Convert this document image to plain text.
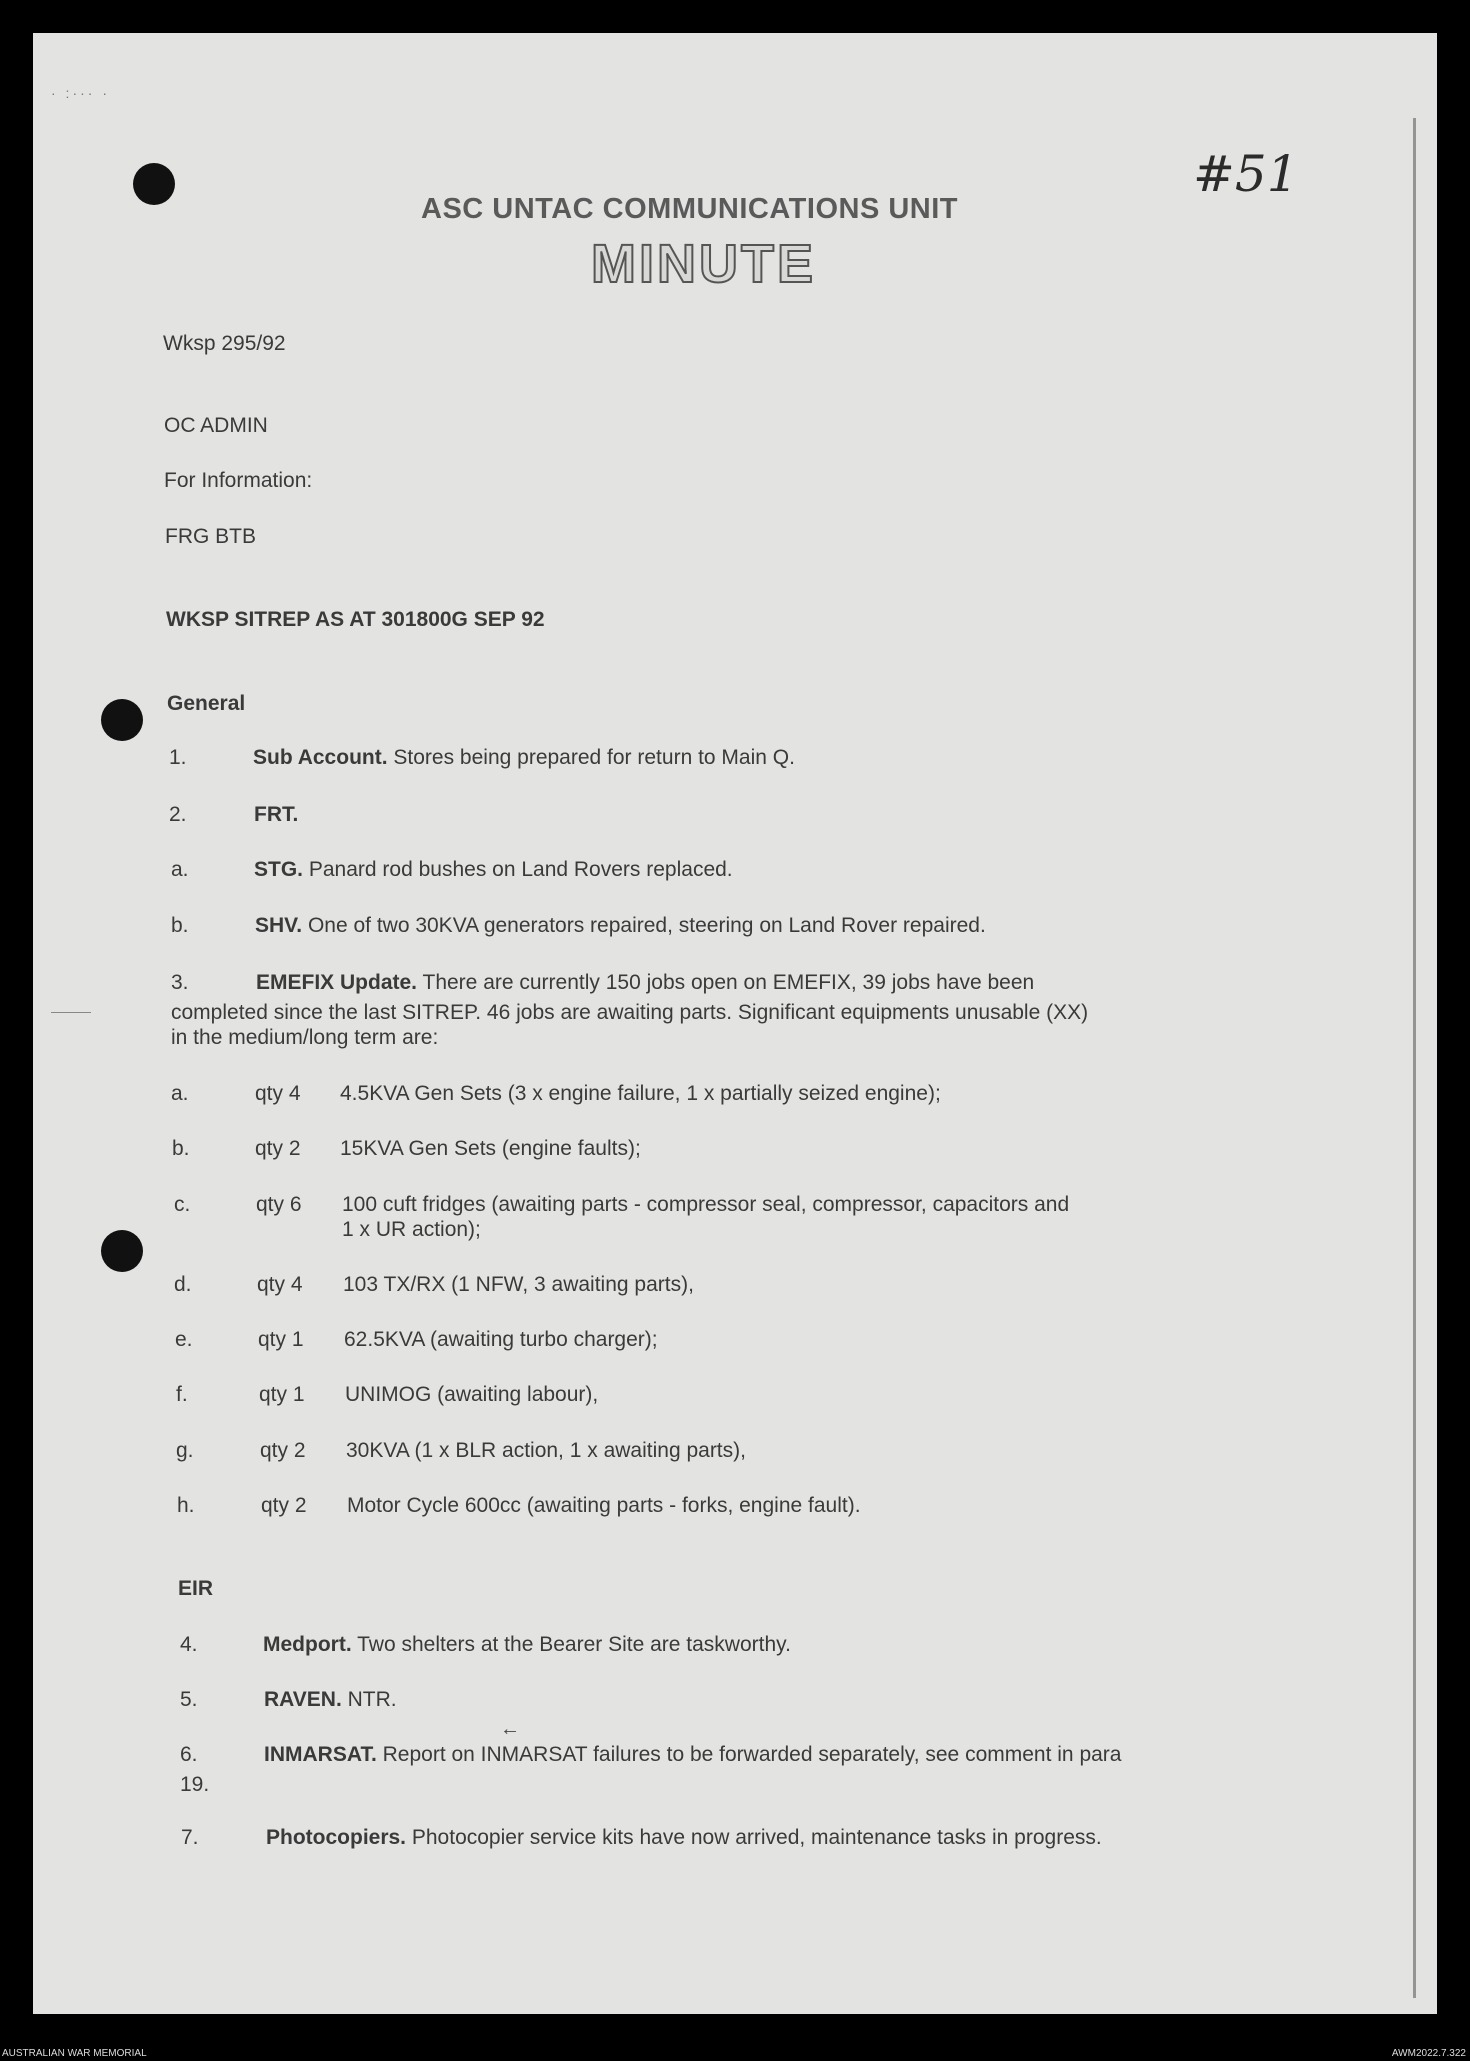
· :··· ·
#51
ASC UNTAC COMMUNICATIONS UNIT
MINUTE
Wksp 295/92
OC ADMIN
For Information:
FRG BTB
WKSP SITREP AS AT 301800G SEP 92
General
1.	Sub Account. Stores being prepared for return to Main Q.
2.	FRT.
a.	STG. Panard rod bushes on Land Rovers replaced.
b.	SHV. One of two 30KVA generators repaired, steering on Land Rover repaired.
3.	EMEFIX Update. There are currently 150 jobs open on EMEFIX, 39 jobs have been
completed since the last SITREP. 46 jobs are awaiting parts. Significant equipments unusable (XX)
in the medium/long term are:
a.	qty 4 4.5KVA Gen Sets (3 x engine failure, 1 x partially seized engine);
b.	qty 2 15KVA Gen Sets (engine faults);
c.	qty 6 100 cuft fridges (awaiting parts - compressor seal, compressor, capacitors and
1 x UR action);
d.	qty 4 103 TX/RX (1 NFW, 3 awaiting parts),
e.	qty 1 62.5KVA (awaiting turbo charger);
f.	qty 1 UNIMOG (awaiting labour),
g.	qty 2 30KVA (1 x BLR action, 1 x awaiting parts),
h.	qty 2 Motor Cycle 600cc (awaiting parts - forks, engine fault).
EIR
4.	Medport. Two shelters at the Bearer Site are taskworthy.
5.	RAVEN. NTR.
←
6.	INMARSAT. Report on INMARSAT failures to be forwarded separately, see comment in para
19.
7.	Photocopiers. Photocopier service kits have now arrived, maintenance tasks in progress.
AUSTRALIAN WAR MEMORIAL	AWM2022.7.322
